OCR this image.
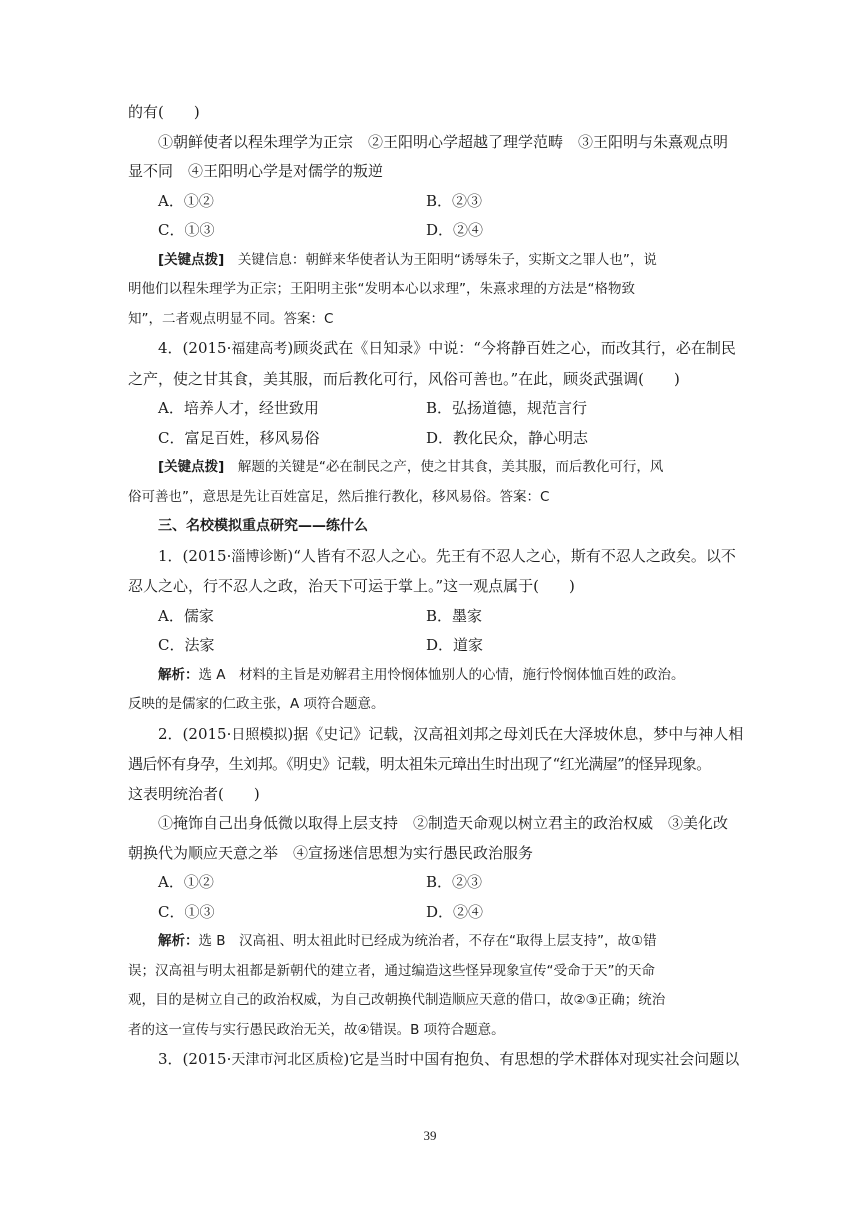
的有(　　)

①朝鲜使者以程朱理学为正宗　②王阳明心学超越了理学范畴　③王阳明与朱熹观点明

显不同　④王阳明心学是对儒学的叛逆

A．①②	B．②③

C．①③	D．②④

[关键点拨]　 关键信息：朝鲜来华使者认为王阳明“诱辱朱子，实斯文之罪人也”，说

明他们以程朱理学为正宗；王阳明主张“发明本心以求理”，朱熹求理的方法是“格物致

知”，二者观点明显不同。答案：C

4．(2015·福建高考)顾炎武在《日知录》中说：“今将静百姓之心，而改其行，必在制民

之产，使之甘其食，美其服，而后教化可行，风俗可善也。”在此，顾炎武强调(　　)

A．培养人才，经世致用	B．弘扬道德，规范言行

C．富足百姓，移风易俗	D．教化民众，静心明志

[关键点拨]　 解题的关键是“必在制民之产，使之甘其食，美其服，而后教化可行，风

俗可善也”，意思是先让百姓富足，然后推行教化，移风易俗。答案：C

三、名校模拟重点研究——练什么

1．(2015·淄博诊断)“人皆有不忍人之心。先王有不忍人之心，斯有不忍人之政矣。以不

忍人之心，行不忍人之政，治天下可运于掌上。”这一观点属于(　　)

A．儒家	B．墨家

C．法家	D．道家

解析：选 A　材料的主旨是劝解君主用怜悯体恤别人的心情，施行怜悯体恤百姓的政治。

反映的是儒家的仁政主张，A 项符合题意。

2．(2015·日照模拟)据《史记》记载，汉高祖刘邦之母刘氏在大泽坡休息，梦中与神人相

遇后怀有身孕，生刘邦。《明史》记载，明太祖朱元璋出生时出现了“红光满屋”的怪异现象。

这表明统治者(　　)

①掩饰自己出身低微以取得上层支持　②制造天命观以树立君主的政治权威　③美化改

朝换代为顺应天意之举　④宣扬迷信思想为实行愚民政治服务

A．①②	B．②③

C．①③	D．②④

解析：选 B　汉高祖、明太祖此时已经成为统治者，不存在“取得上层支持”，故①错

误；汉高祖与明太祖都是新朝代的建立者，通过编造这些怪异现象宣传“受命于天”的天命

观，目的是树立自己的政治权威，为自己改朝换代制造顺应天意的借口，故②③正确；统治

者的这一宣传与实行愚民政治无关，故④错误。B 项符合题意。

3．(2015·天津市河北区质检)它是当时中国有抱负、有思想的学术群体对现实社会问题以

39
